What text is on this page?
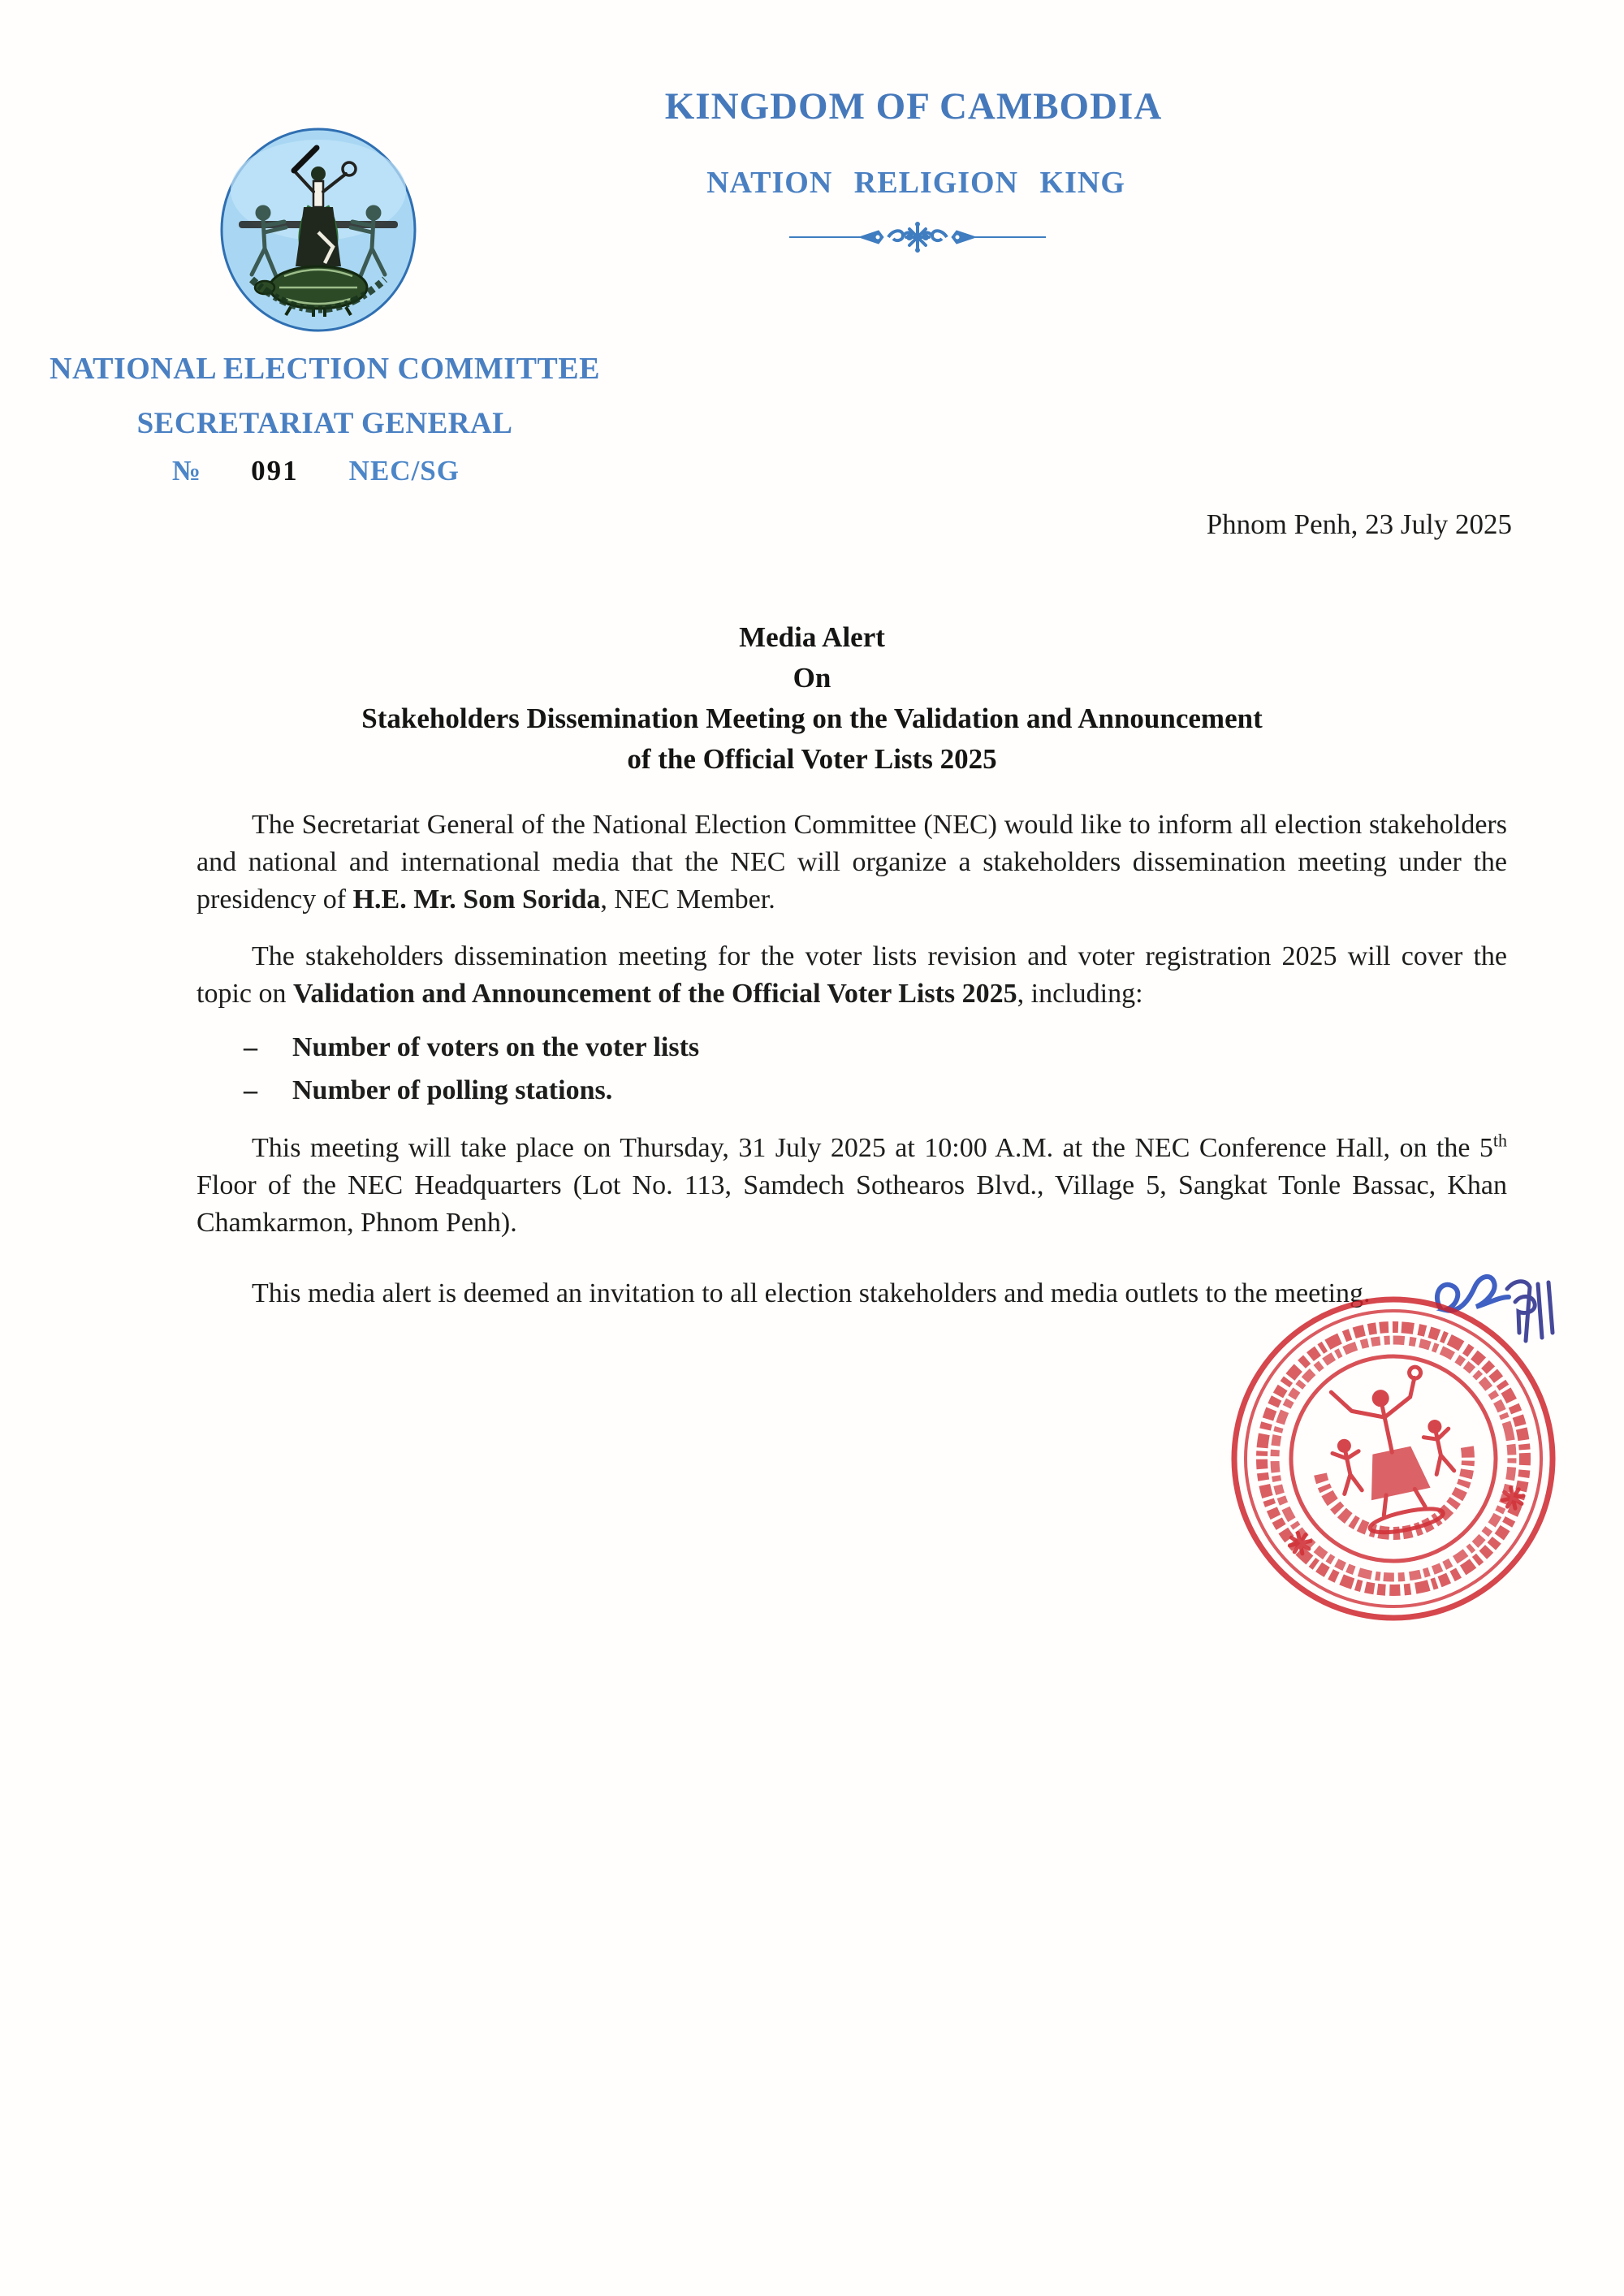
KINGDOM OF CAMBODIA
NATION RELIGION KING
NATIONAL ELECTION COMMITTEE
SECRETARIAT GENERAL
№ 091 NEC/SG
Phnom Penh, 23 July 2025
Media Alert
On
Stakeholders Dissemination Meeting on the Validation and Announcement
of the Official Voter Lists 2025

The Secretariat General of the National Election Committee (NEC) would like to inform all election stakeholders and national and international media that the NEC will organize a stakeholders dissemination meeting under the presidency of H.E. Mr. Som Sorida, NEC Member.

The stakeholders dissemination meeting for the voter lists revision and voter registration 2025 will cover the topic on Validation and Announcement of the Official Voter Lists 2025, including:

–	Number of voters on the voter lists
–	Number of polling stations.

This meeting will take place on Thursday, 31 July 2025 at 10:00 A.M. at the NEC Conference Hall, on the 5th Floor of the NEC Headquarters (Lot No. 113, Samdech Sothearos Blvd., Village 5, Sangkat Tonle Bassac, Khan Chamkarmon, Phnom Penh).

This media alert is deemed an invitation to all election stakeholders and media outlets to the meeting.
